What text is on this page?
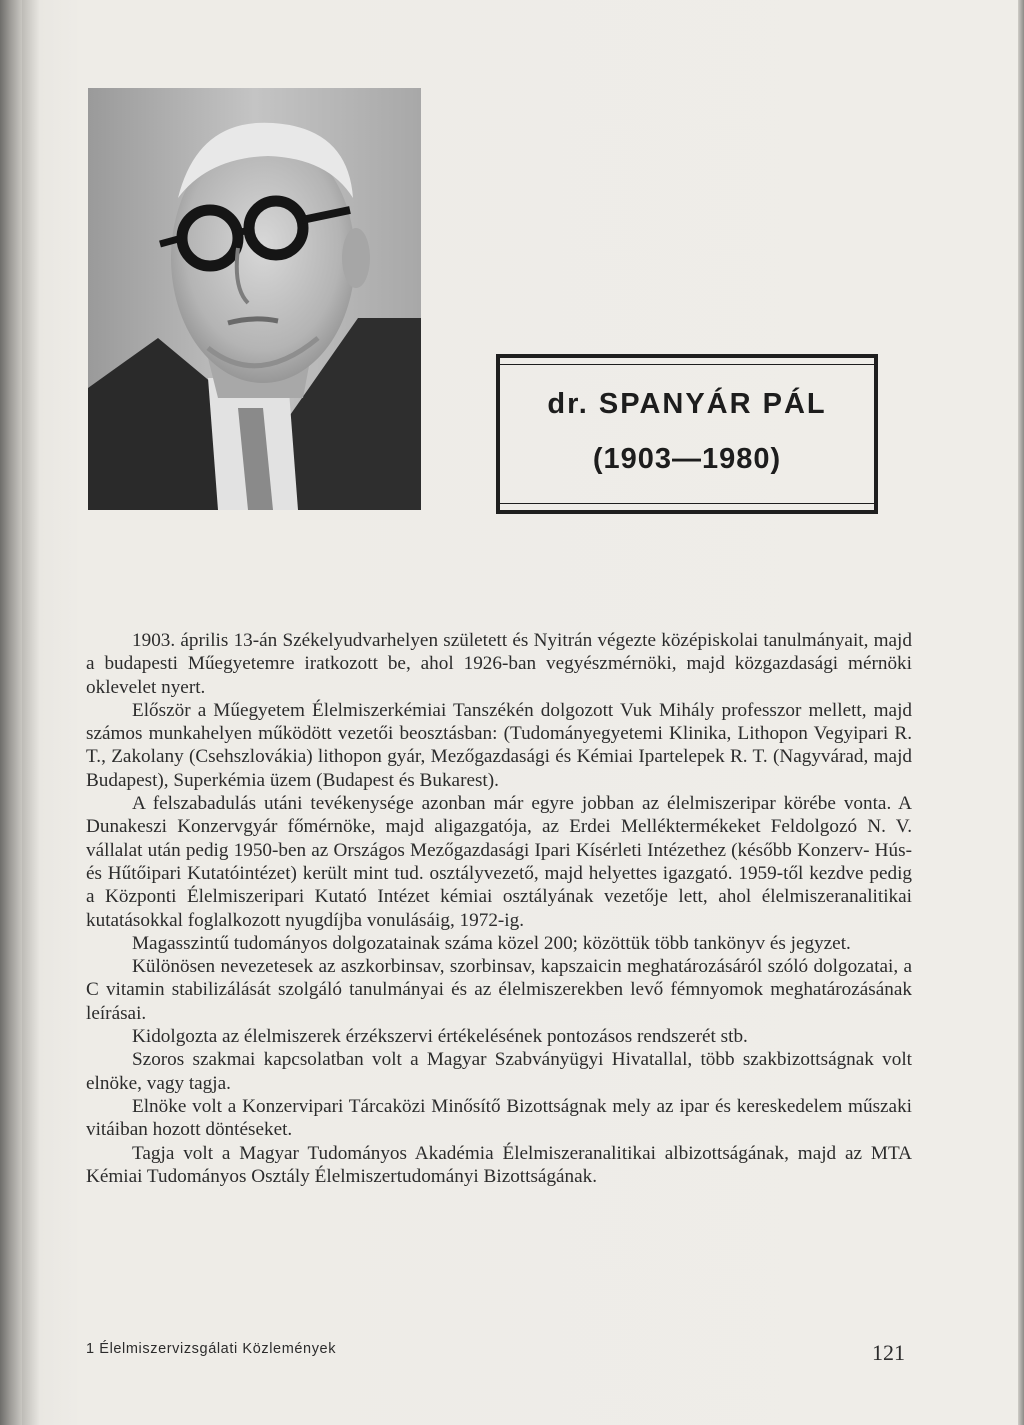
dr. SPANYÁR PÁL
(1903—1980)

1903. április 13-án Székelyudvarhelyen született és Nyitrán végezte középiskolai tanulmányait, majd a budapesti Műegyetemre iratkozott be, ahol 1926-ban vegyészmérnöki, majd közgazdasági mérnöki oklevelet nyert.

Először a Műegyetem Élelmiszerkémiai Tanszékén dolgozott Vuk Mihály professzor mellett, majd számos munkahelyen működött vezetői beosztásban: (Tudományegyetemi Klinika, Lithopon Vegyipari R. T., Zakolany (Csehszlovákia) lithopon gyár, Mezőgazdasági és Kémiai Ipartelepek R. T. (Nagyvárad, majd Budapest), Superkémia üzem (Budapest és Bukarest).

A felszabadulás utáni tevékenysége azonban már egyre jobban az élelmiszeripar körébe vonta. A Dunakeszi Konzervgyár főmérnöke, majd aligazgatója, az Erdei Melléktermékeket Feldolgozó N. V. vállalat után pedig 1950-ben az Országos Mezőgazdasági Ipari Kísérleti Intézethez (később Konzerv- Hús- és Hűtőipari Kutatóintézet) került mint tud. osztályvezető, majd helyettes igazgató. 1959-től kezdve pedig a Központi Élelmiszeripari Kutató Intézet kémiai osztályának vezetője lett, ahol élelmiszeranalitikai kutatásokkal foglalkozott nyugdíjba vonulásáig, 1972-ig.

Magasszintű tudományos dolgozatainak száma közel 200; közöttük több tankönyv és jegyzet.

Különösen nevezetesek az aszkorbinsav, szorbinsav, kapszaicin meghatározásáról szóló dolgozatai, a C vitamin stabilizálását szolgáló tanulmányai és az élelmiszerekben levő fémnyomok meghatározásának leírásai.

Kidolgozta az élelmiszerek érzékszervi értékelésének pontozásos rendszerét stb.

Szoros szakmai kapcsolatban volt a Magyar Szabványügyi Hivatallal, több szakbizottságnak volt elnöke, vagy tagja.

Elnöke volt a Konzervipari Tárcaközi Minősítő Bizottságnak mely az ipar és kereskedelem műszaki vitáiban hozott döntéseket.

Tagja volt a Magyar Tudományos Akadémia Élelmiszeranalitikai albizottságának, majd az MTA Kémiai Tudományos Osztály Élelmiszertudományi Bizottságának.

1 Élelmiszervizsgálati Közlemények	121
